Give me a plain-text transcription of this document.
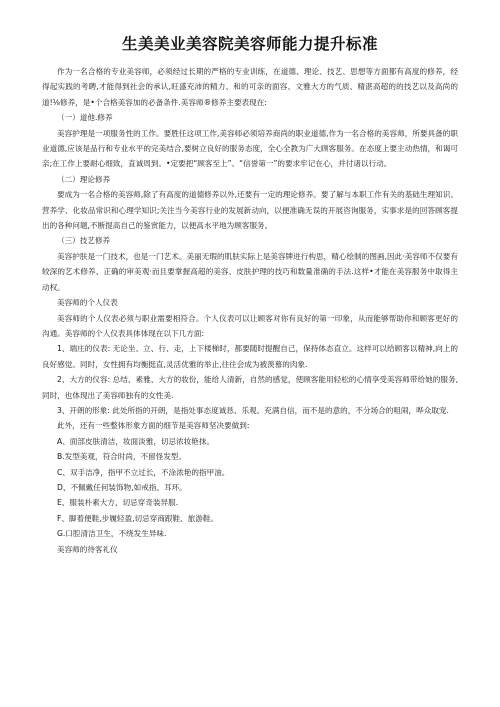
生美美业美容院美容师能力提升标准

作为一名合格的专业美容师，必须经过长期的严格的专业训练，在道德、理论、技艺、思想等方面都有高度的修养，经得起实践的考聘,才能得到社会的承认,旺盛充沛的精力、和的可亲的面容、文雅大方的气质、精湛高超的的技艺以及高尚的道!⅛修养，是•个合格美容加的必备条件.美容师®修养主要表现在:

（一）道他.修养

美容护理是一项服务性的工作。要胜任这项工作,美容师必须培养商尚的职业道德,作为一名合格的美容师，所要具备的职业道德,应该是品行和专业水平的完美结合,要树立良好的服务态度，全心全教为广大顾客服务。在态度上要主动热情，和谒可亲;在工作上要耐心细致，直诚周到。•定要把“顾客至上”、“信誉第一”的要求牢记在心，并付诸以行动。

（二）理论修养

要成为一名合格的美容师,除了有高度的道德修养以外,还要有一定的理论修养。要了解与本职工作有关的基础生理知识、营养学、化妆品常识和心理学知识;关注当今美容行业的发展新动向，以便准确无误的开展咨询服务，实事求是的回答顾客提出的各种问题,不断提高自己的鉴赏能力，以便高水平地为顾客服务。

（三）技艺修养

美容护肤是一门技术，也是一门艺术。美丽无瑕的肌肤实际上是美容牌进行构思，精心绘制的图画,因此·美容师不仅要有较深的艺术修养、正确的审美观·而且要掌握高超的美容、皮肤护理的技巧和数量准确的手法.这样•才能在美容服务中取得主动权。

美容师的个人仪表

美容师的个人仪表必须与职业需要相符合。个人仪表可以让顾客对你有良好的第一印象，从而能够帮助你和顾客更好的沟通。美容师的个人仪表具体体现在以下几方面:

1、端庄的仪表: 无论坐、立、行、走，上下楼梯时，都要随时提醒自己，保持体态直立。这样可以给顾客以精神,向上的良好感觉。同时，女性拥有均衡挺直,灵活优雅的举止,往往会成为被羡慕的肉象.

2、大方的仪容: 总结、素雅、大方的妆份，能给人清新，自然的感觉，使顾客能用轻松的心情享受美容师带给她的服务,同时，也体现出了美容师独有的女性美.

3、开朗的形象: 此处所指的开朗，是指处事态度诚恳、乐观、充满自信，而不是的意的，不分场合的咀闹，哗众取宠.

此外，还有一些整体形象方面的细节是美容师坚决要做到:

A、面部皮肤清洁，妆面淡雅，切忌浓妆艳抹。

B.发型美观，符合时尚，不留怪发型。

C、双手洁净，指甲不立过长，不涂浓艳的指甲油。

D、不佩戴任何装饰物,如戒指、耳环。

E、服装朴素大方，切忌穿奇装异服.

F、脚着便鞋,步履轻盈,切忌穿商跟鞋、旅游鞋。

G.口腔清洁卫生，不绕发生异味.

美容师的待客礼仪
